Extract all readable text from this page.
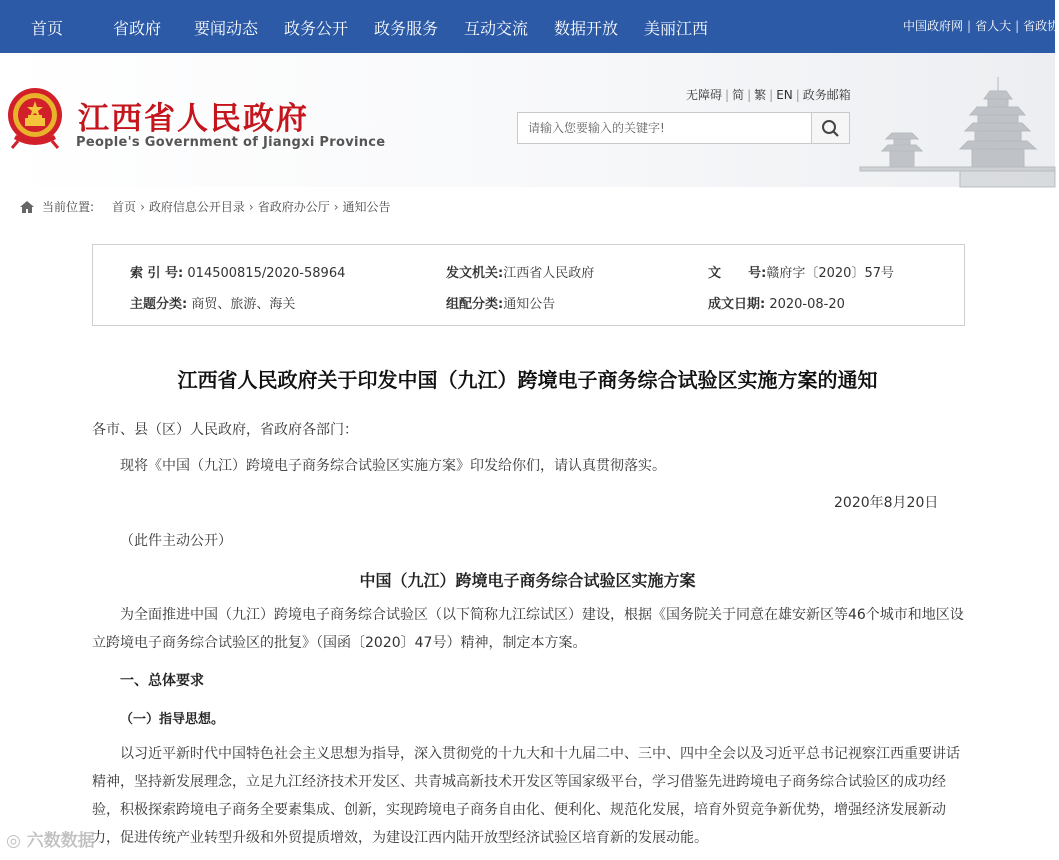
首页	省政府 要闻动态 政务公开 政务服务 互动交流 数据开放 美丽江西	中国政府网 | 省人大 | 省政协
江西省人民政府
People's Government of Jiangxi Province
无障碍 | 简 | 繁 | EN | 政务邮箱
请输入您要输入的关键字!
当前位置: 首页 › 政府信息公开目录 › 省政府办公厅 › 通知公告
索 引 号: 014500815/2020-58964	发文机关:江西省人民政府	文      号:赣府字〔2020〕57号
主题分类: 商贸、旅游、海关	组配分类:通知公告	成文日期: 2020-08-20
江西省人民政府关于印发中国（九江）跨境电子商务综合试验区实施方案的通知
各市、县（区）人民政府，省政府各部门：
现将《中国（九江）跨境电子商务综合试验区实施方案》印发给你们，请认真贯彻落实。
2020年8月20日
（此件主动公开）
中国（九江）跨境电子商务综合试验区实施方案
为全面推进中国（九江）跨境电子商务综合试验区（以下简称九江综试区）建设，根据《国务院关于同意在雄安新区等46个城市和地区设立跨境电子商务综合试验区的批复》（国函〔2020〕47号）精神，制定本方案。
一、总体要求
（一）指导思想。
以习近平新时代中国特色社会主义思想为指导，深入贯彻党的十九大和十九届二中、三中、四中全会以及习近平总书记视察江西重要讲话精神，坚持新发展理念，立足九江经济技术开发区、共青城高新技术开发区等国家级平台，学习借鉴先进跨境电子商务综合试验区的成功经验，积极探索跨境电子商务全要素集成、创新，实现跨境电子商务自由化、便利化、规范化发展，培育外贸竞争新优势，增强经济发展新动力，促进传统产业转型升级和外贸提质增效，为建设江西内陆开放型经济试验区培育新的发展动能。
◎ 六数数据
